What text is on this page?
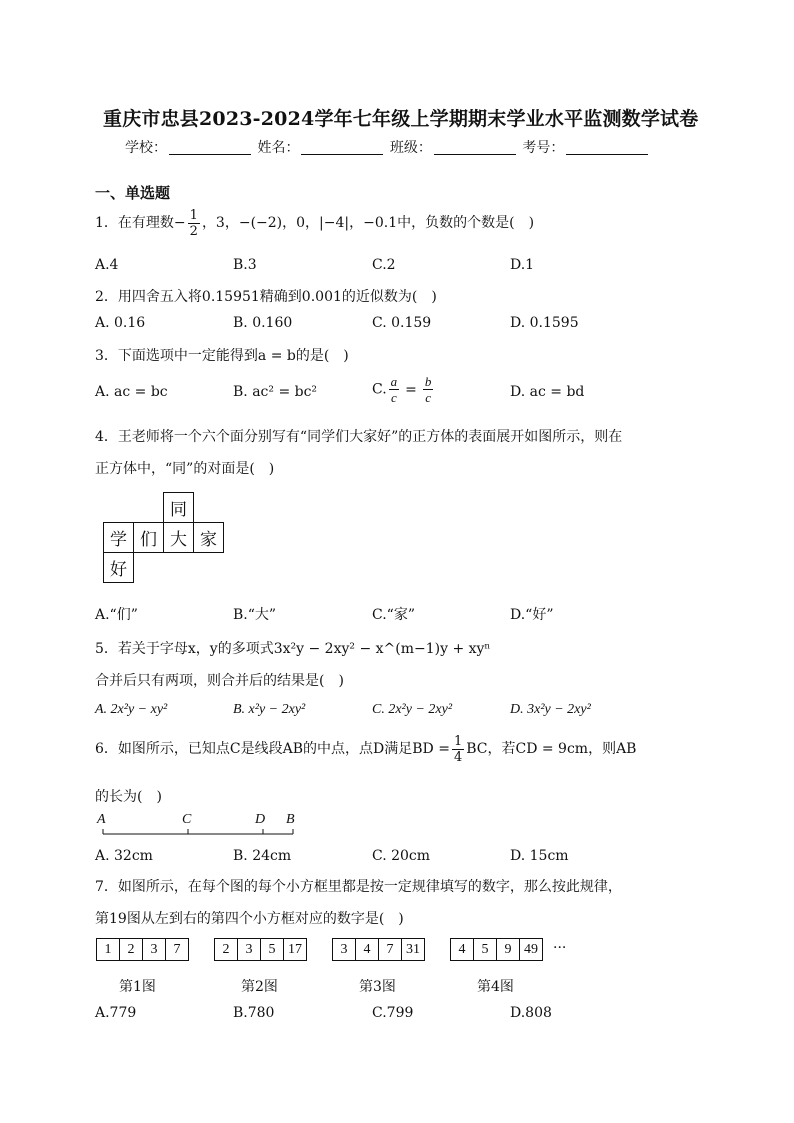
重庆市忠县2023-2024学年七年级上学期期末学业水平监测数学试卷
学校：	姓名：	班级：	考号：
一、单选题
1．在有理数− $\frac{1}{2}$ ，3，−(−2)，0，|−4|，−0.1中，负数的个数是(　)
A.4	B.3	C.2	D.1
2．用四舍五入将0.15951精确到0.001的近似数为(　)
A. 0.16	B. 0.160	C. 0.159	D. 0.1595
3．下面选项中一定能得到a = b的是(　)
A. ac = bc	B. ac² = bc²	C. $\frac{a}{c} = \frac{b}{c}$	D. ac = bd
4．王老师将一个六个面分别写有“同学们大家好”的正方体的表面展开如图所示，则在
正方体中，“同”的对面是(　)
		同	
学	们	大	家
好			
A.“们”	B.“大”	C.“家”	D.“好”
5．若关于字母x，y的多项式3x²y − 2xy² − x^(m−1)y + xyⁿ
合并后只有两项，则合并后的结果是(　)
A. 2x²y − xy²	B. x²y − 2xy²	C. 2x²y − 2xy²	D. 3x²y − 2xy²
6．如图所示，已知点C是线段AB的中点，点D满足BD = $\frac{1}{4}$ BC，若CD = 9cm，则AB
的长为(　)
A	C	D B
A. 32cm	B. 24cm	C. 20cm	D. 15cm
7．如图所示，在每个图的每个小方框里都是按一定规律填写的数字，那么按此规律，
第19图从左到右的第四个小方框对应的数字是(　)
1	2	3	7	2	3	5 17	3	4	7 31	4	5	9 49	···
第1图	第2图	第3图	第4图
A.779	B.780	C.799	D.808
